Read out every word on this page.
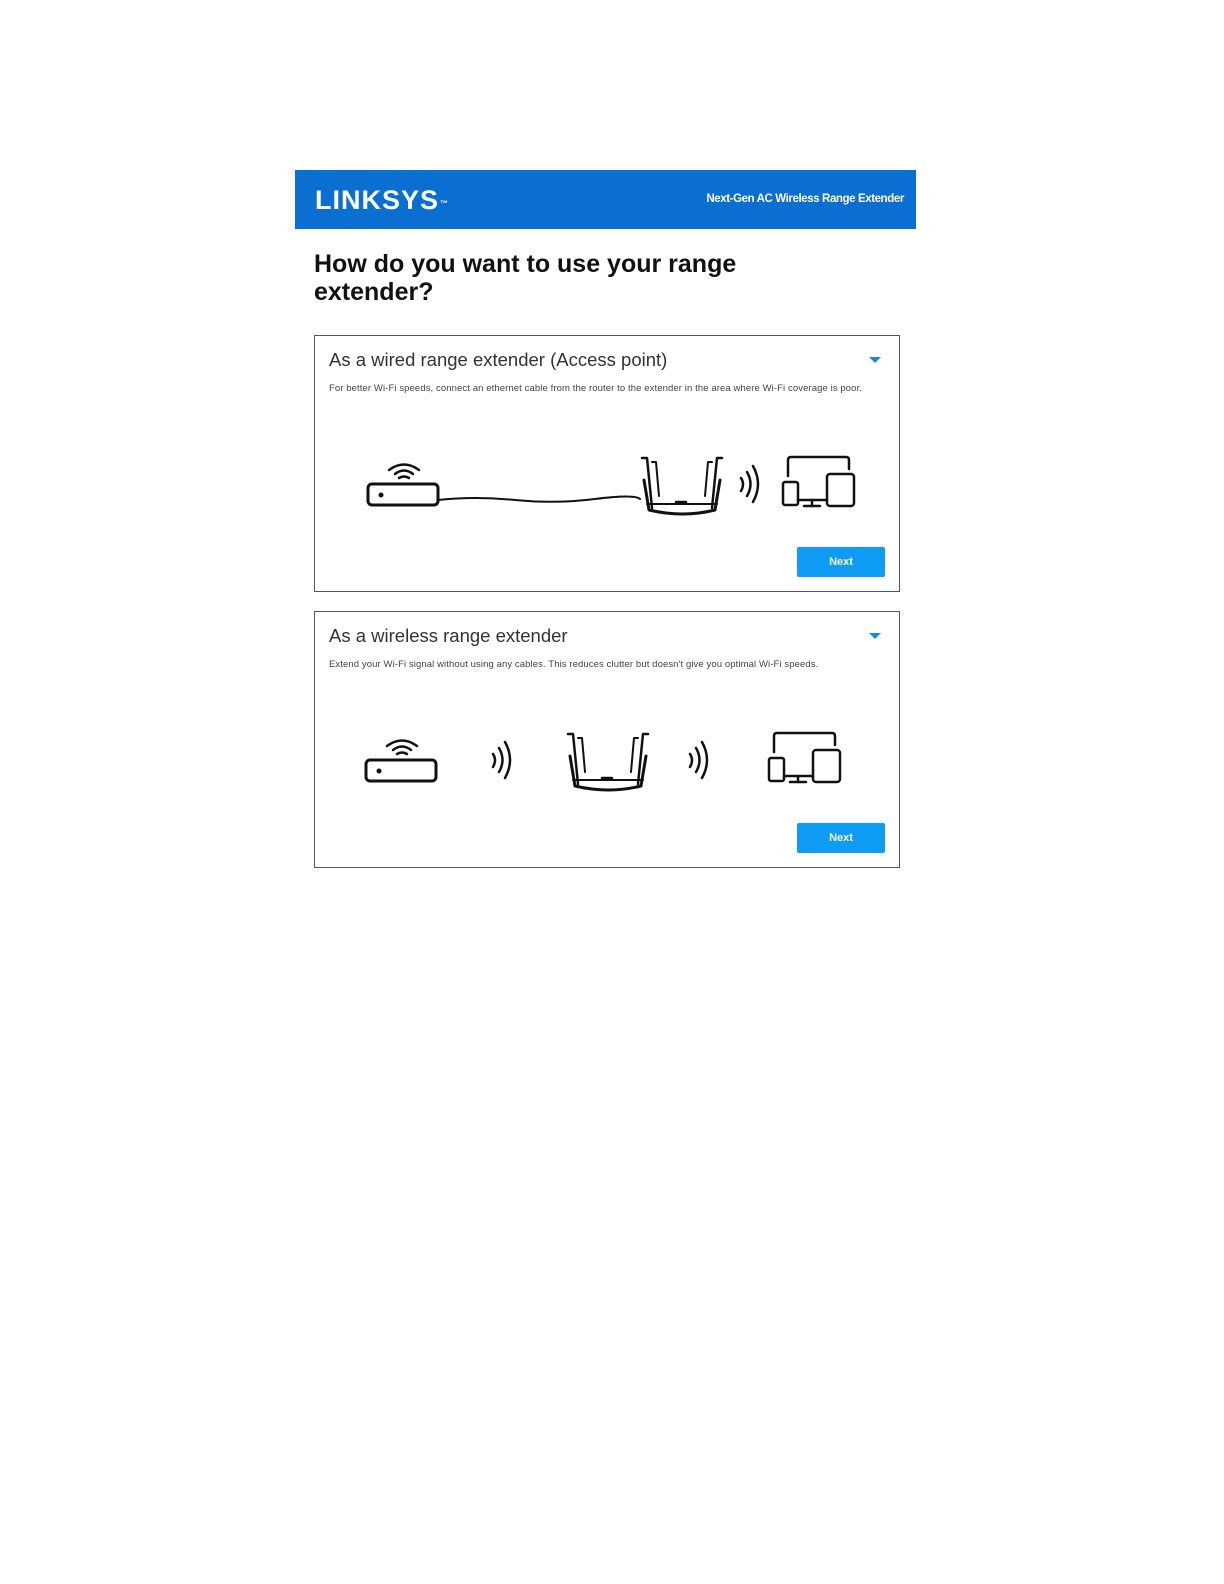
LINKSYS™	Next-Gen AC Wireless Range Extender
How do you want to use your range extender?
As a wired range extender (Access point)
For better Wi-Fi speeds, connect an ethernet cable from the router to the extender in the area where Wi-Fi coverage is poor.
Next
As a wireless range extender
Extend your Wi-Fi signal without using any cables. This reduces clutter but doesn't give you optimal Wi-Fi speeds.
Next
